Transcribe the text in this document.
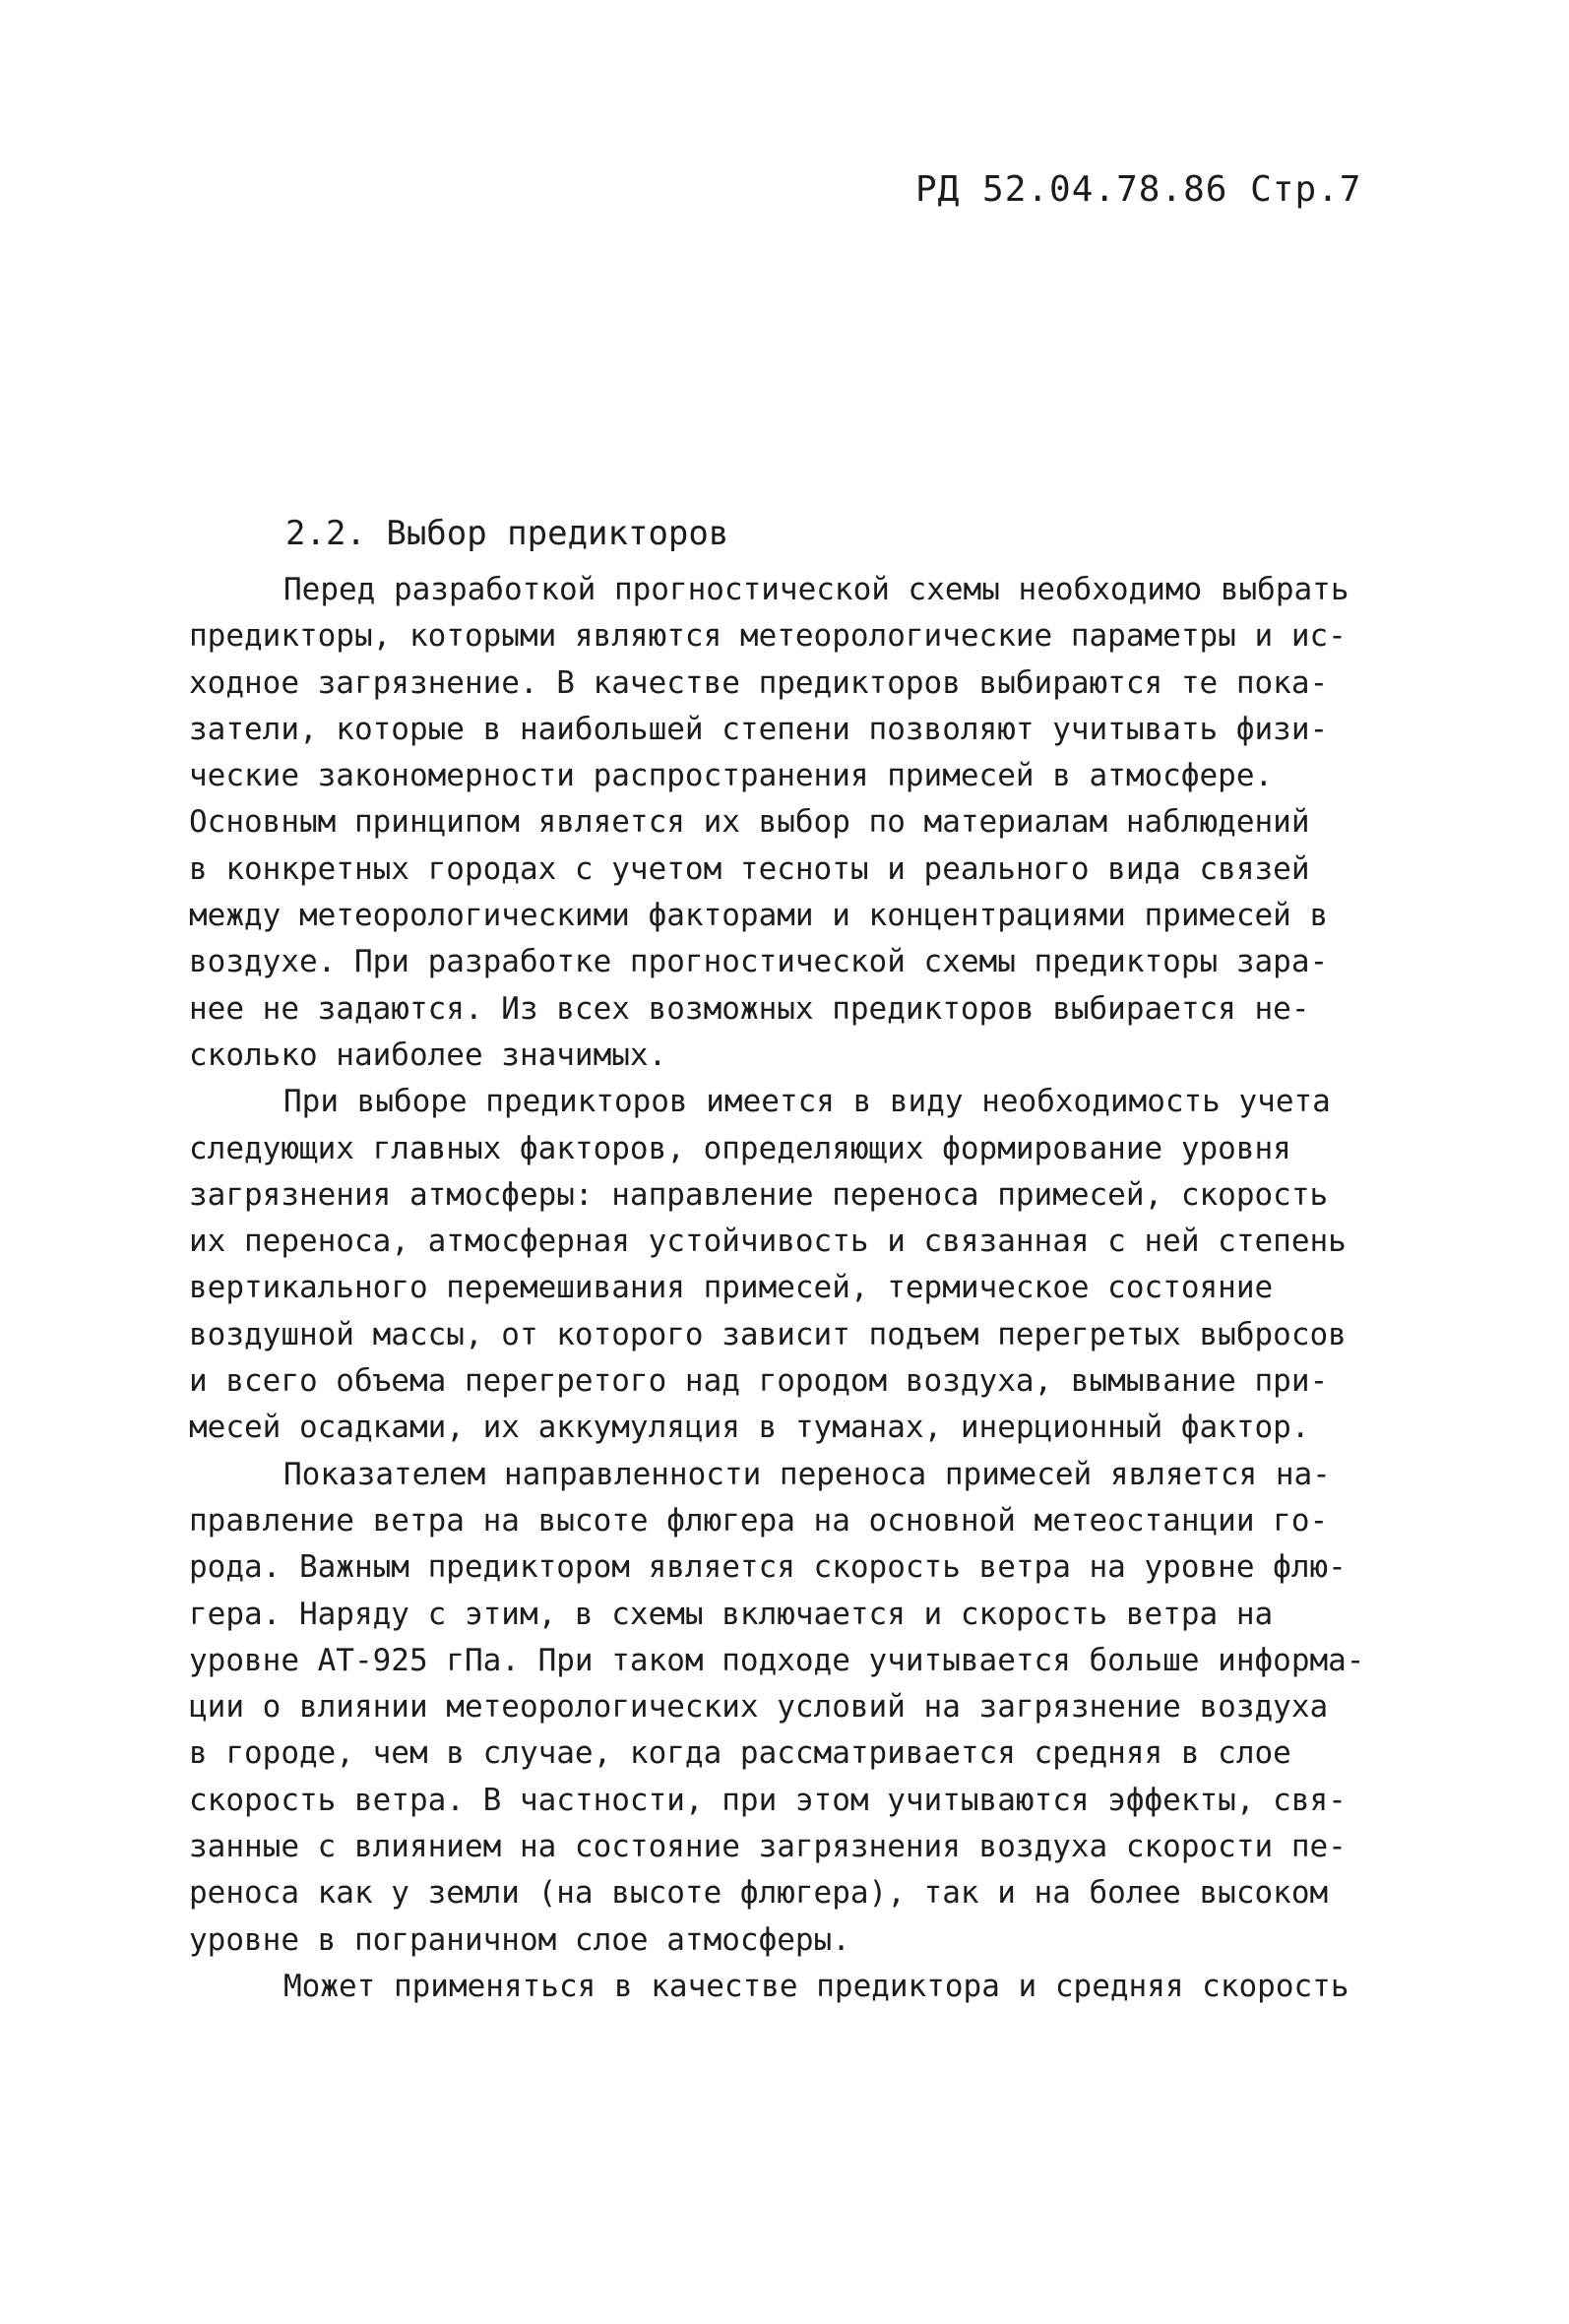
РД 52.04.78.86 Стр.7
2.2. Выбор предикторов
Перед разработкой прогностической схемы необходимо выбрать
предикторы, которыми являются метеорологические параметры и ис-
ходное загрязнение. В качестве предикторов выбираются те пока-
затели, которые в наибольшей степени позволяют учитывать физи-
ческие закономерности распространения примесей в атмосфере.
Основным принципом является их выбор по материалам наблюдений
в конкретных городах с учетом тесноты и реального вида связей
между метеорологическими факторами и концентрациями примесей в
воздухе. При разработке прогностической схемы предикторы зара-
нее не задаются. Из всех возможных предикторов выбирается не-
сколько наиболее значимых.
При выборе предикторов имеется в виду необходимость учета
следующих главных факторов, определяющих формирование уровня
загрязнения атмосферы: направление переноса примесей, скорость
их переноса, атмосферная устойчивость и связанная с ней степень
вертикального перемешивания примесей, термическое состояние
воздушной массы, от которого зависит подъем перегретых выбросов
и всего объема перегретого над городом воздуха, вымывание при-
месей осадками, их аккумуляция в туманах, инерционный фактор.
Показателем направленности переноса примесей является на-
правление ветра на высоте флюгера на основной метеостанции го-
рода. Важным предиктором является скорость ветра на уровне флю-
гера. Наряду с этим, в схемы включается и скорость ветра на
уровне АТ-925 гПа. При таком подходе учитывается больше информа-
ции о влиянии метеорологических условий на загрязнение воздуха
в городе, чем в случае, когда рассматривается средняя в слое
скорость ветра. В частности, при этом учитываются эффекты, свя-
занные с влиянием на состояние загрязнения воздуха скорости пе-
реноса как у земли (на высоте флюгера), так и на более высоком
уровне в пограничном слое атмосферы.
Может применяться в качестве предиктора и средняя скорость
